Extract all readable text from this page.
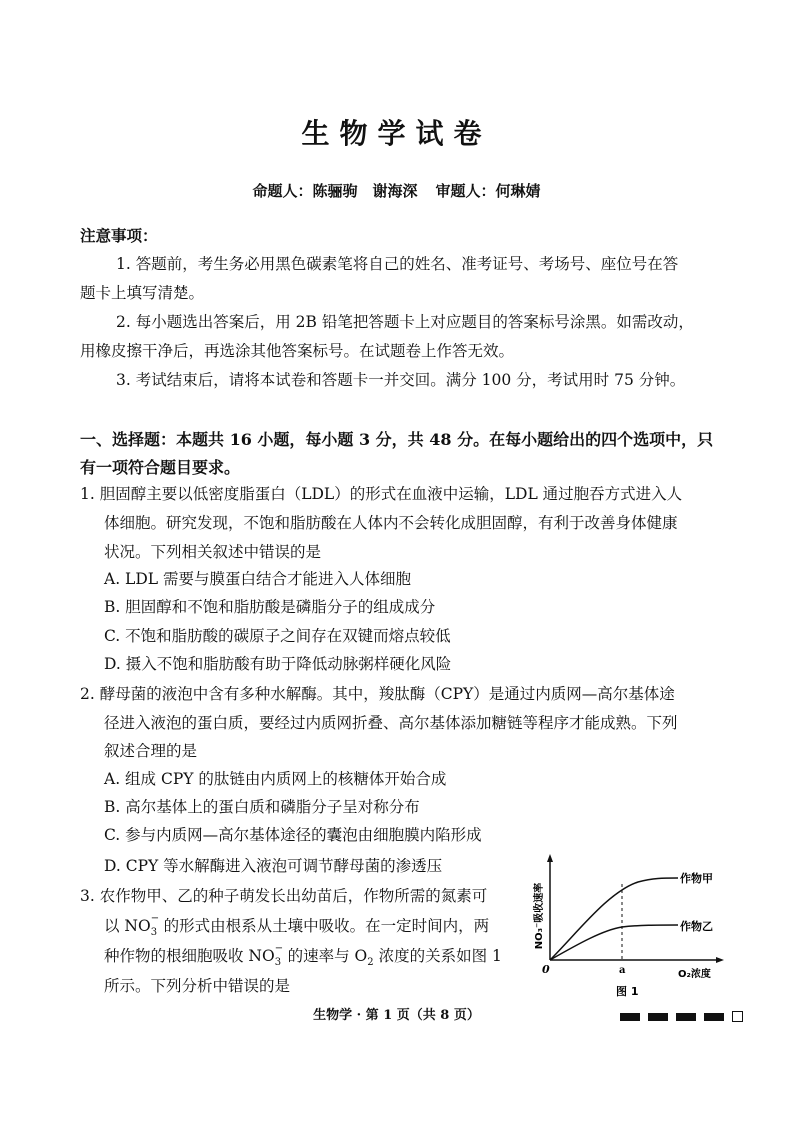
生物学试卷
命题人：陈骊驹　谢海深 审题人：何琳婧
注意事项：
1. 答题前，考生务必用黑色碳素笔将自己的姓名、准考证号、考场号、座位号在答
题卡上填写清楚。
2. 每小题选出答案后，用 2B 铅笔把答题卡上对应题目的答案标号涂黑。如需改动，
用橡皮擦干净后，再选涂其他答案标号。在试题卷上作答无效。
3. 考试结束后，请将本试卷和答题卡一并交回。满分 100 分，考试用时 75 分钟。
一、选择题：本题共 16 小题，每小题 3 分，共 48 分。在每小题给出的四个选项中，只
有一项符合题目要求。
1. 胆固醇主要以低密度脂蛋白（LDL）的形式在血液中运输，LDL 通过胞吞方式进入人
体细胞。研究发现，不饱和脂肪酸在人体内不会转化成胆固醇，有利于改善身体健康
状况。下列相关叙述中错误的是
A. LDL 需要与膜蛋白结合才能进入人体细胞
B. 胆固醇和不饱和脂肪酸是磷脂分子的组成成分
C. 不饱和脂肪酸的碳原子之间存在双键而熔点较低
D. 摄入不饱和脂肪酸有助于降低动脉粥样硬化风险
2. 酵母菌的液泡中含有多种水解酶。其中，羧肽酶（CPY）是通过内质网—高尔基体途
径进入液泡的蛋白质，要经过内质网折叠、高尔基体添加糖链等程序才能成熟。下列
叙述合理的是
A. 组成 CPY 的肽链由内质网上的核糖体开始合成
B. 高尔基体上的蛋白质和磷脂分子呈对称分布
C. 参与内质网—高尔基体途径的囊泡由细胞膜内陷形成
D. CPY 等水解酶进入液泡可调节酵母菌的渗透压
3. 农作物甲、乙的种子萌发长出幼苗后，作物所需的氮素可
以 NO −
3 的形式由根系从土壤中吸收。在一定时间内，两
种作物的根细胞吸收 NO −
3 的速率与 $O_2$ 浓度的关系如图 1
所示。下列分析中错误的是
NO₃⁻吸收速率
作物甲
作物乙
0	a	O₂浓度
图 1
生物学 · 第 1 页（共 8 页）
